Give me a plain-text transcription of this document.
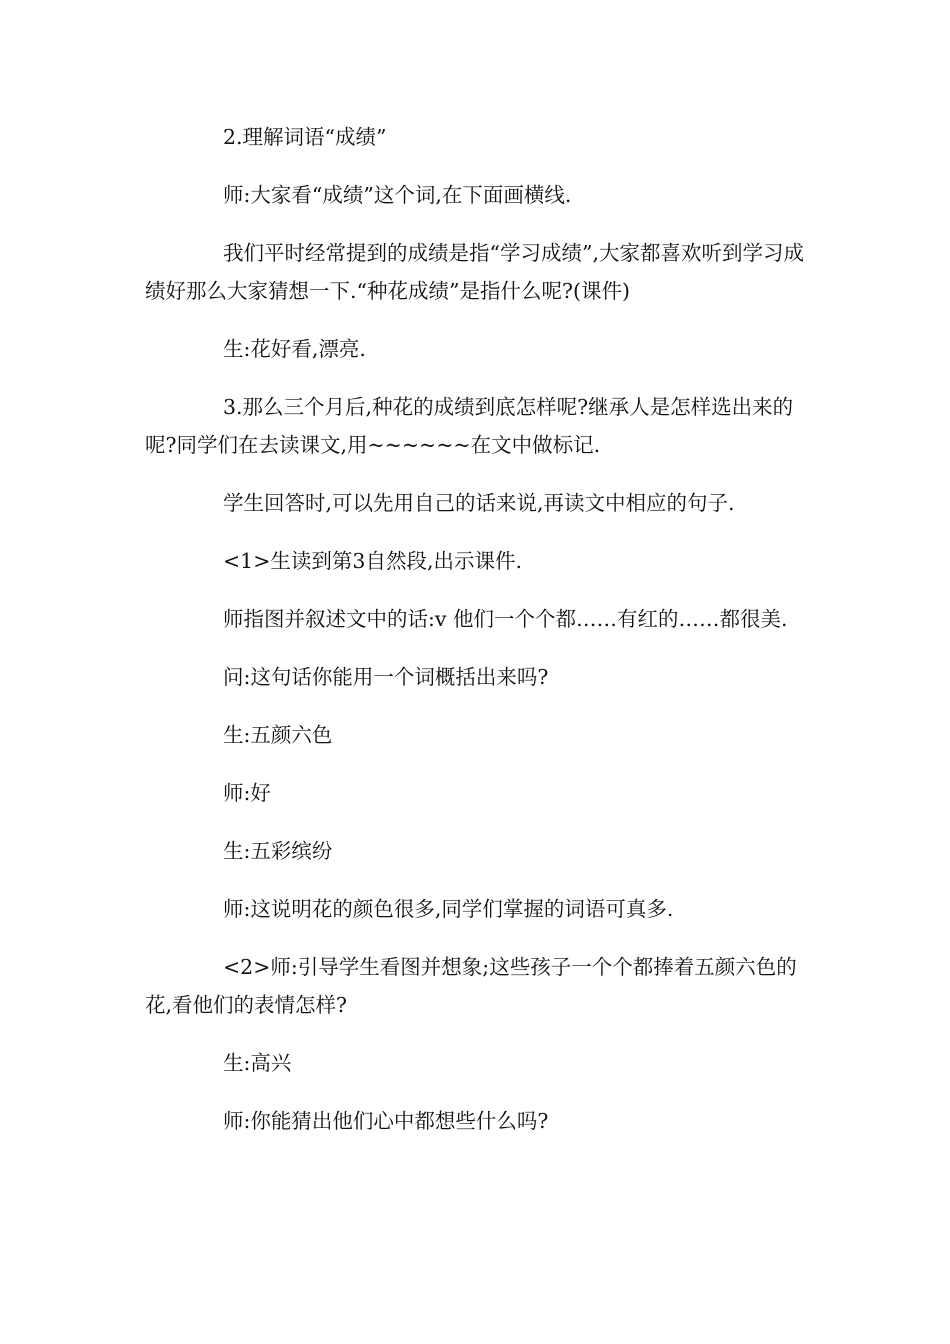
2.理解词语“成绩”

师:大家看“成绩”这个词,在下面画横线.

我们平时经常提到的成绩是指“学习成绩”,大家都喜欢听到学习成绩好那么大家猜想一下.“种花成绩”是指什么呢?(课件)

生:花好看,漂亮.

3.那么三个月后,种花的成绩到底怎样呢?继承人是怎样选出来的呢?同学们在去读课文,用~~~~~~在文中做标记.

学生回答时,可以先用自己的话来说,再读文中相应的句子.

<1>生读到第3自然段,出示课件.

师指图并叙述文中的话:v 他们一个个都……有红的……都很美.

问:这句话你能用一个词概括出来吗?

生:五颜六色

师:好

生:五彩缤纷

师:这说明花的颜色很多,同学们掌握的词语可真多.

<2>师:引导学生看图并想象;这些孩子一个个都捧着五颜六色的花,看他们的表情怎样?

生:高兴

师:你能猜出他们心中都想些什么吗?
